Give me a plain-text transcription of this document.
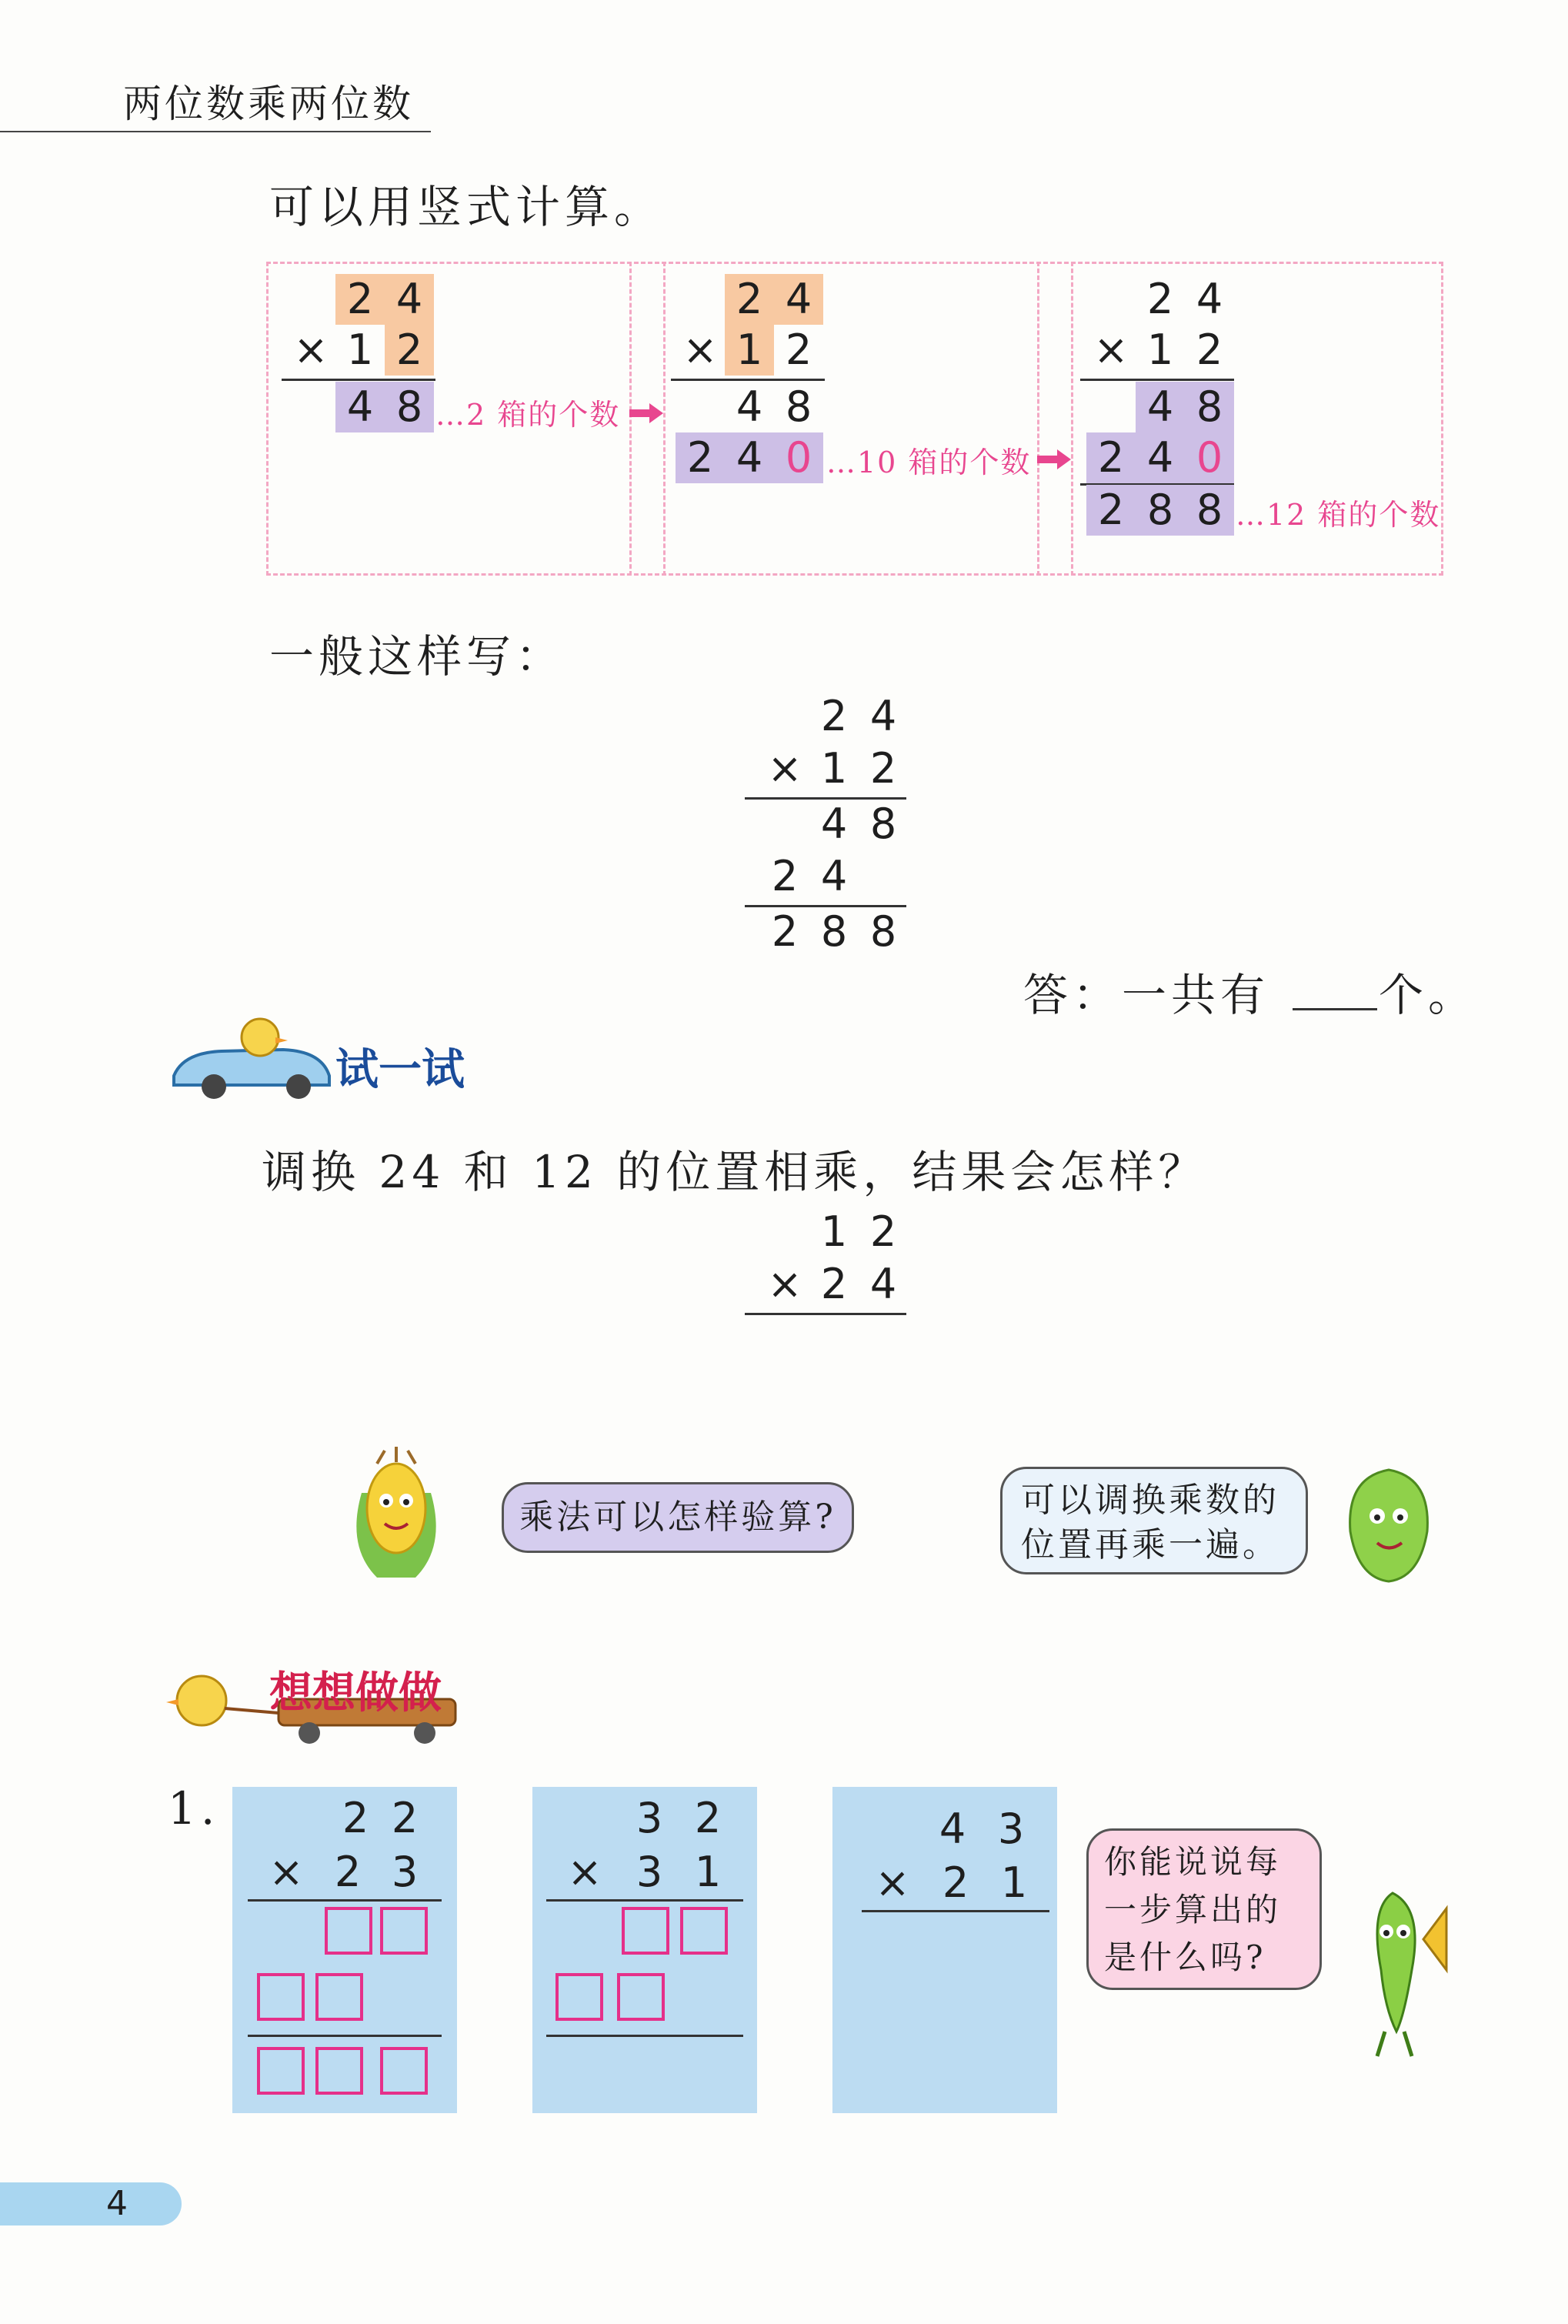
两位数乘两位数
可以用竖式计算。
2 4
× 1 2
4 8 …2 箱的个数
2 4
× 1 2
4 8
2 4 0 …10 箱的个数
2 4
× 1 2
4 8
2 4 0
2 8 8 …12 箱的个数
一般这样写：
2 4
× 1 2
4 8
2 4
2 8 8
答：一共有 个。
试一试
调换 24 和 12 的位置相乘，结果会怎样？
1 2
× 2 4
乘法可以怎样验算?	可以调换乘数的
位置再乘一遍。
想想做做
1.	2 2
× 2 3
3 2
× 3 1
4 3
× 2 1	你能说说每
一步算出的
是什么吗?
4
